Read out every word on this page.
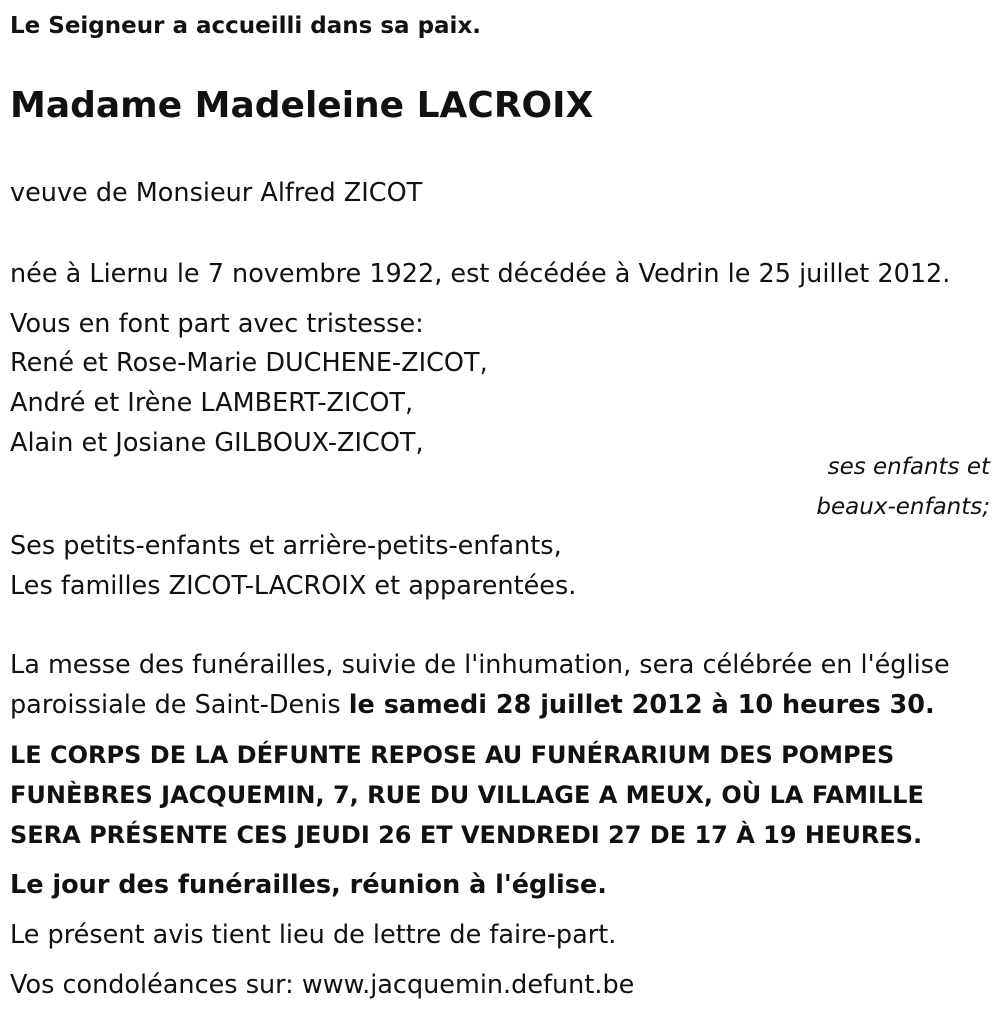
Le Seigneur a accueilli dans sa paix.
Madame Madeleine LACROIX
veuve de Monsieur Alfred ZICOT
née à Liernu le 7 novembre 1922, est décédée à Vedrin le 25 juillet 2012.
Vous en font part avec tristesse:
René et Rose-Marie DUCHENE-ZICOT,
André et Irène LAMBERT-ZICOT,
Alain et Josiane GILBOUX-ZICOT,
ses enfants et
beaux-enfants;
Ses petits-enfants et arrière-petits-enfants,
Les familles ZICOT-LACROIX et apparentées.
La messe des funérailles, suivie de l'inhumation, sera célébrée en l'église
paroissiale de Saint-Denis le samedi 28 juillet 2012 à 10 heures 30.
LE CORPS DE LA DÉFUNTE REPOSE AU FUNÉRARIUM DES POMPES
FUNÈBRES JACQUEMIN, 7, RUE DU VILLAGE A MEUX, OÙ LA FAMILLE
SERA PRÉSENTE CES JEUDI 26 ET VENDREDI 27 DE 17 À 19 HEURES.
Le jour des funérailles, réunion à l'église.
Le présent avis tient lieu de lettre de faire-part.
Vos condoléances sur: www.jacquemin.defunt.be
